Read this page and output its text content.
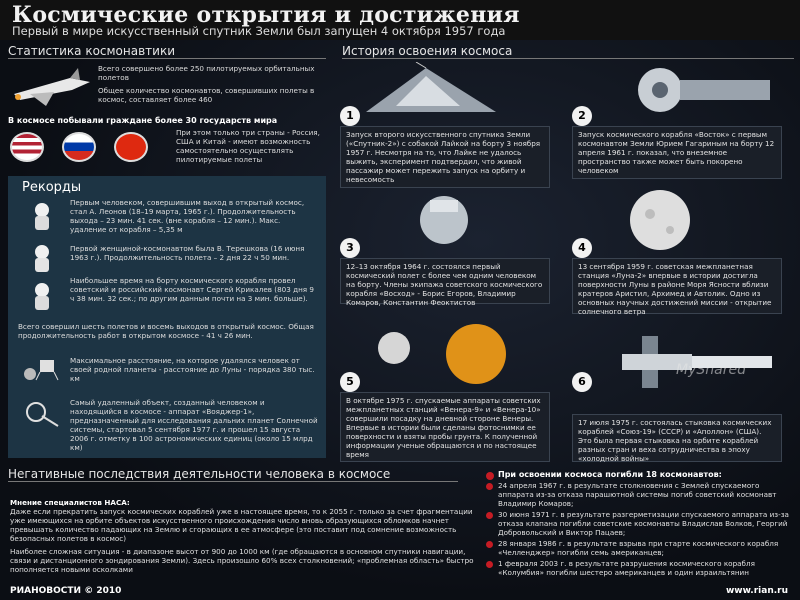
Космические открытия и достижения
Первый в мире искусственный спутник Земли был запущен 4 октября 1957 года
Статистика космонавтики
Всего совершено более 250 пилотируемых орбитальных полетов
Общее количество космонавтов, совершивших полеты в космос, составляет более 460
В космосе побывали граждане более 30 государств мира
При этом только три страны - Россия, США и Китай - имеют возможность самостоятельно осуществлять пилотируемые полеты
Рекорды
Первым человеком, совершившим выход в открытый космос, стал А. Леонов (18–19 марта, 1965 г.). Продолжительность выхода – 23 мин. 41 сек. (вне корабля – 12 мин.). Макс. удаление от корабля – 5,35 м
Первой женщиной-космонавтом была В. Терешкова (16 июня 1963 г.). Продолжительность полета – 2 дня 22 ч 50 мин.
Наибольшее время на борту космического корабля провел советский и российский космонавт Сергей Крикалев (803 дня 9 ч 38 мин. 32 сек.; по другим данным почти на 3 мин. больше).
Всего совершил шесть полетов и восемь выходов в открытый космос. Общая продолжительность работ в открытом космосе - 41 ч 26 мин.
Максимальное расстояние, на которое удалялся человек от своей родной планеты - расстояние до Луны - порядка 380 тыс. км
Самый удаленный объект, созданный человеком и находящийся в космосе - аппарат «Вояджер-1», предназначенный для исследования дальних планет Солнечной системы, стартовал 5 сентября 1977 г. и прошел 15 августа 2006 г. отметку в 100 астрономических единиц (около 15 млрд км)
История освоения космоса
1
Запуск второго искусственного спутника Земли («Спутник-2») с собакой Лайкой на борту 3 ноября 1957 г. Несмотря на то, что Лайке не удалось выжить, эксперимент подтвердил, что живой пассажир может пережить запуск на орбиту и невесомость
2
Запуск космического корабля «Восток» с первым космонавтом Земли Юрием Гагариным на борту 12 апреля 1961 г. показал, что внеземное пространство также может быть покорено человеком
3
12–13 октября 1964 г. состоялся первый космический полет с более чем одним человеком на борту. Члены экипажа советского космического корабля «Восход» - Борис Егоров, Владимир Комаров, Константин Феоктистов
4
13 сентября 1959 г. советская межпланетная станция «Луна-2» впервые в истории достигла поверхности Луны в районе Моря Ясности вблизи кратеров Аристил, Архимед и Автолик. Одно из основных научных достижений миссии - открытие солнечного ветра
5
В октябре 1975 г. спускаемые аппараты советских межпланетных станций «Венера-9» и «Венера-10» совершили посадку на дневной стороне Венеры. Впервые в истории были сделаны фотоснимки ее поверхности и взяты пробы грунта. К полученной информации ученые обращаются и по настоящее время
6
17 июля 1975 г. состоялась стыковка космических кораблей «Союз-19» (СССР) и «Аполлон» (США). Это была первая стыковка на орбите кораблей разных стран и веха сотрудничества в эпоху «холодной войны»
MyShared
Негативные последствия деятельности человека в космосе
Мнение специалистов НАСА:
Даже если прекратить запуск космических кораблей уже в настоящее время, то к 2055 г. только за счет фрагментации уже имеющихся на орбите объектов искусственного происхождения число вновь образующихся обломков начнет превышать количество падающих на Землю и сгорающих в ее атмосфере (это поставит под сомнение возможность безопасных полетов в космос)
Наиболее сложная ситуация - в диапазоне высот от 900 до 1000 км (где обращаются в основном спутники навигации, связи и дистанционного зондирования Земли). Здесь произошло 60% всех столкновений; «проблемная область» быстро пополняется новыми осколками
При освоении космоса погибли 18 космонавтов:
24 апреля 1967 г. в результате столкновения с Землей спускаемого аппарата из-за отказа парашютной системы погиб советский космонавт Владимир Комаров;
30 июня 1971 г. в результате разгерметизации спускаемого аппарата из-за отказа клапана погибли советские космонавты Владислав Волков, Георгий Добровольский и Виктор Пацаев;
28 января 1986 г. в результате взрыва при старте космического корабля «Челленджер» погибли семь американцев;
1 февраля 2003 г. в результате разрушения космического корабля «Колумбия» погибли шестеро американцев и один израильтянин
РИАНОВОСТИ © 2010	www.rian.ru
